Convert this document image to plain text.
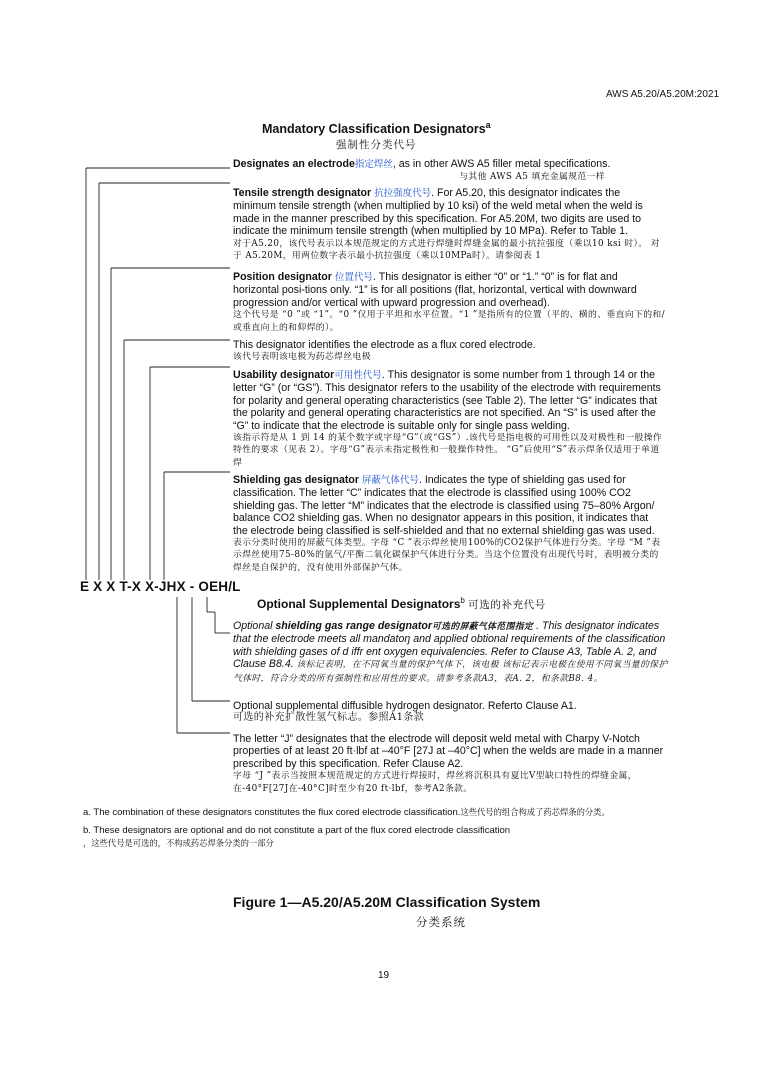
AWS A5.20/A5.20M:2021
Mandatory Classification Designators$^a$
强制性分类代号
Designates an electrode指定焊丝, as in other AWS A5 filler metal specifications.
与其他 AWS A5 填充金属规范一样
Tensile strength designator 抗拉强度代号. For A5.20, this designator indicates the minimum tensile strength (when multiplied by 10 ksi) of the weld metal when the weld is made in the manner prescribed by this specification. For A5.20M, two digits are used to indicate the minimum tensile strength (when multiplied by 10 MPa). Refer to Table 1.
对于A5.20，该代号表示以本规范规定的方式进行焊缝时焊缝金属的最小抗拉强度（乘以10 ksi 时）。 对于 A5.20M，用两位数字表示最小抗拉强度（乘以10MPa时）。请参阅表 1
Position designator 位置代号. This designator is either “0” or “1.” “0” is for flat and horizontal posi-tions only. “1” is for all positions (flat, horizontal, vertical with downward progression and/or vertical with upward progression and overhead).
这个代号是 “0 ”或 “1”。“0 ”仅用于平坦和水平位置。“1 ”是指所有的位置（平的、横的、垂直向下的和/或垂直向上的和仰焊的）。
This designator identifies the electrode as a flux cored electrode.
该代号表明该电极为药芯焊丝电极
Usability designator可用性代号. This designator is some number from 1 through 14 or the letter “G” (or “GS”). This designator refers to the usability of the electrode with requirements for polarity and general operating characteristics (see Table 2). The letter “G” indicates that the polarity and general operating characteristics are not specified. An “S” is used after the “G” to indicate that the electrode is suitable only for single pass welding.
该指示符是从 1 到 14 的某个数字或字母“G”（或“GS”）.该代号是指电极的可用性以及对极性和一般操作特性的要求（见表 2）。字母“G”表示未指定极性和一般操作特性。 “G”后使用“S”表示焊条仅适用于单道焊
Shielding gas designator 屏蔽气体代号. Indicates the type of shielding gas used for classification. The letter “C” indicates that the electrode is classified using 100% CO2 shielding gas. The letter “M” indicates that the electrode is classified using 75–80% Argon/ balance CO2 shielding gas. When no designator appears in this position, it indicates that the electrode being classified is self-shielded and that no external shielding gas was used.
表示分类时使用的屏蔽气体类型。字母 “C ”表示焊丝使用100%的CO2保护气体进行分类。字母 “M ”表示焊丝使用75-80%的氩气/平衡二氧化碳保护气体进行分类。当这个位置没有出现代号时，表明被分类的焊丝是自保护的，没有使用外部保护气体。
E X X T-X X-JHX - OEH/L
Optional Supplemental Designators$^b$ 可选的补充代号
Optional shielding gas range designator可选的屏蔽气体范围指定 . This designator indicates that the electrode meets all mandatoŋ and applied obtional requirements of the classification with shielding gases of d iffr ent oxygen equivalencies. Refer to Clause A3, Table A. 2, and Clause B8.4. 该标记表明，在不同氧当量的保护气体下，该电极 该标记表示电极在使用不同氧当量的保护气体时，符合分类的所有强制性和应用性的要求。请参考条款A3，表A. 2，和条款B8. 4。
Optional supplemental diffusible hydrogen designator. Referto Clause A1.
可选的补充扩散性氢气标志。参照A1条款
The letter “J” designates that the electrode will deposit weld metal with Charpy V-Notch properties of at least 20 ft·lbf at –40°F [27J at –40°C] when the welds are made in a manner prescribed by this specification. Refer Clause A2.
字母 “J ”表示当按照本规范规定的方式进行焊接时，焊丝将沉积具有夏比V型缺口特性的焊缝金属，在-40°F[27J在-40°C]时至少有20 ft·lbf，参考A2条款。
a. The combination of these designators constitutes the flux cored electrode classification.这些代号的组合构成了药芯焊条的分类。
b. These designators are optional and do not constitute a part of the flux cored electrode classification
，这些代号是可选的，不构成药芯焊条分类的一部分
Figure 1—A5.20/A5.20M Classification System
分类系统
19
